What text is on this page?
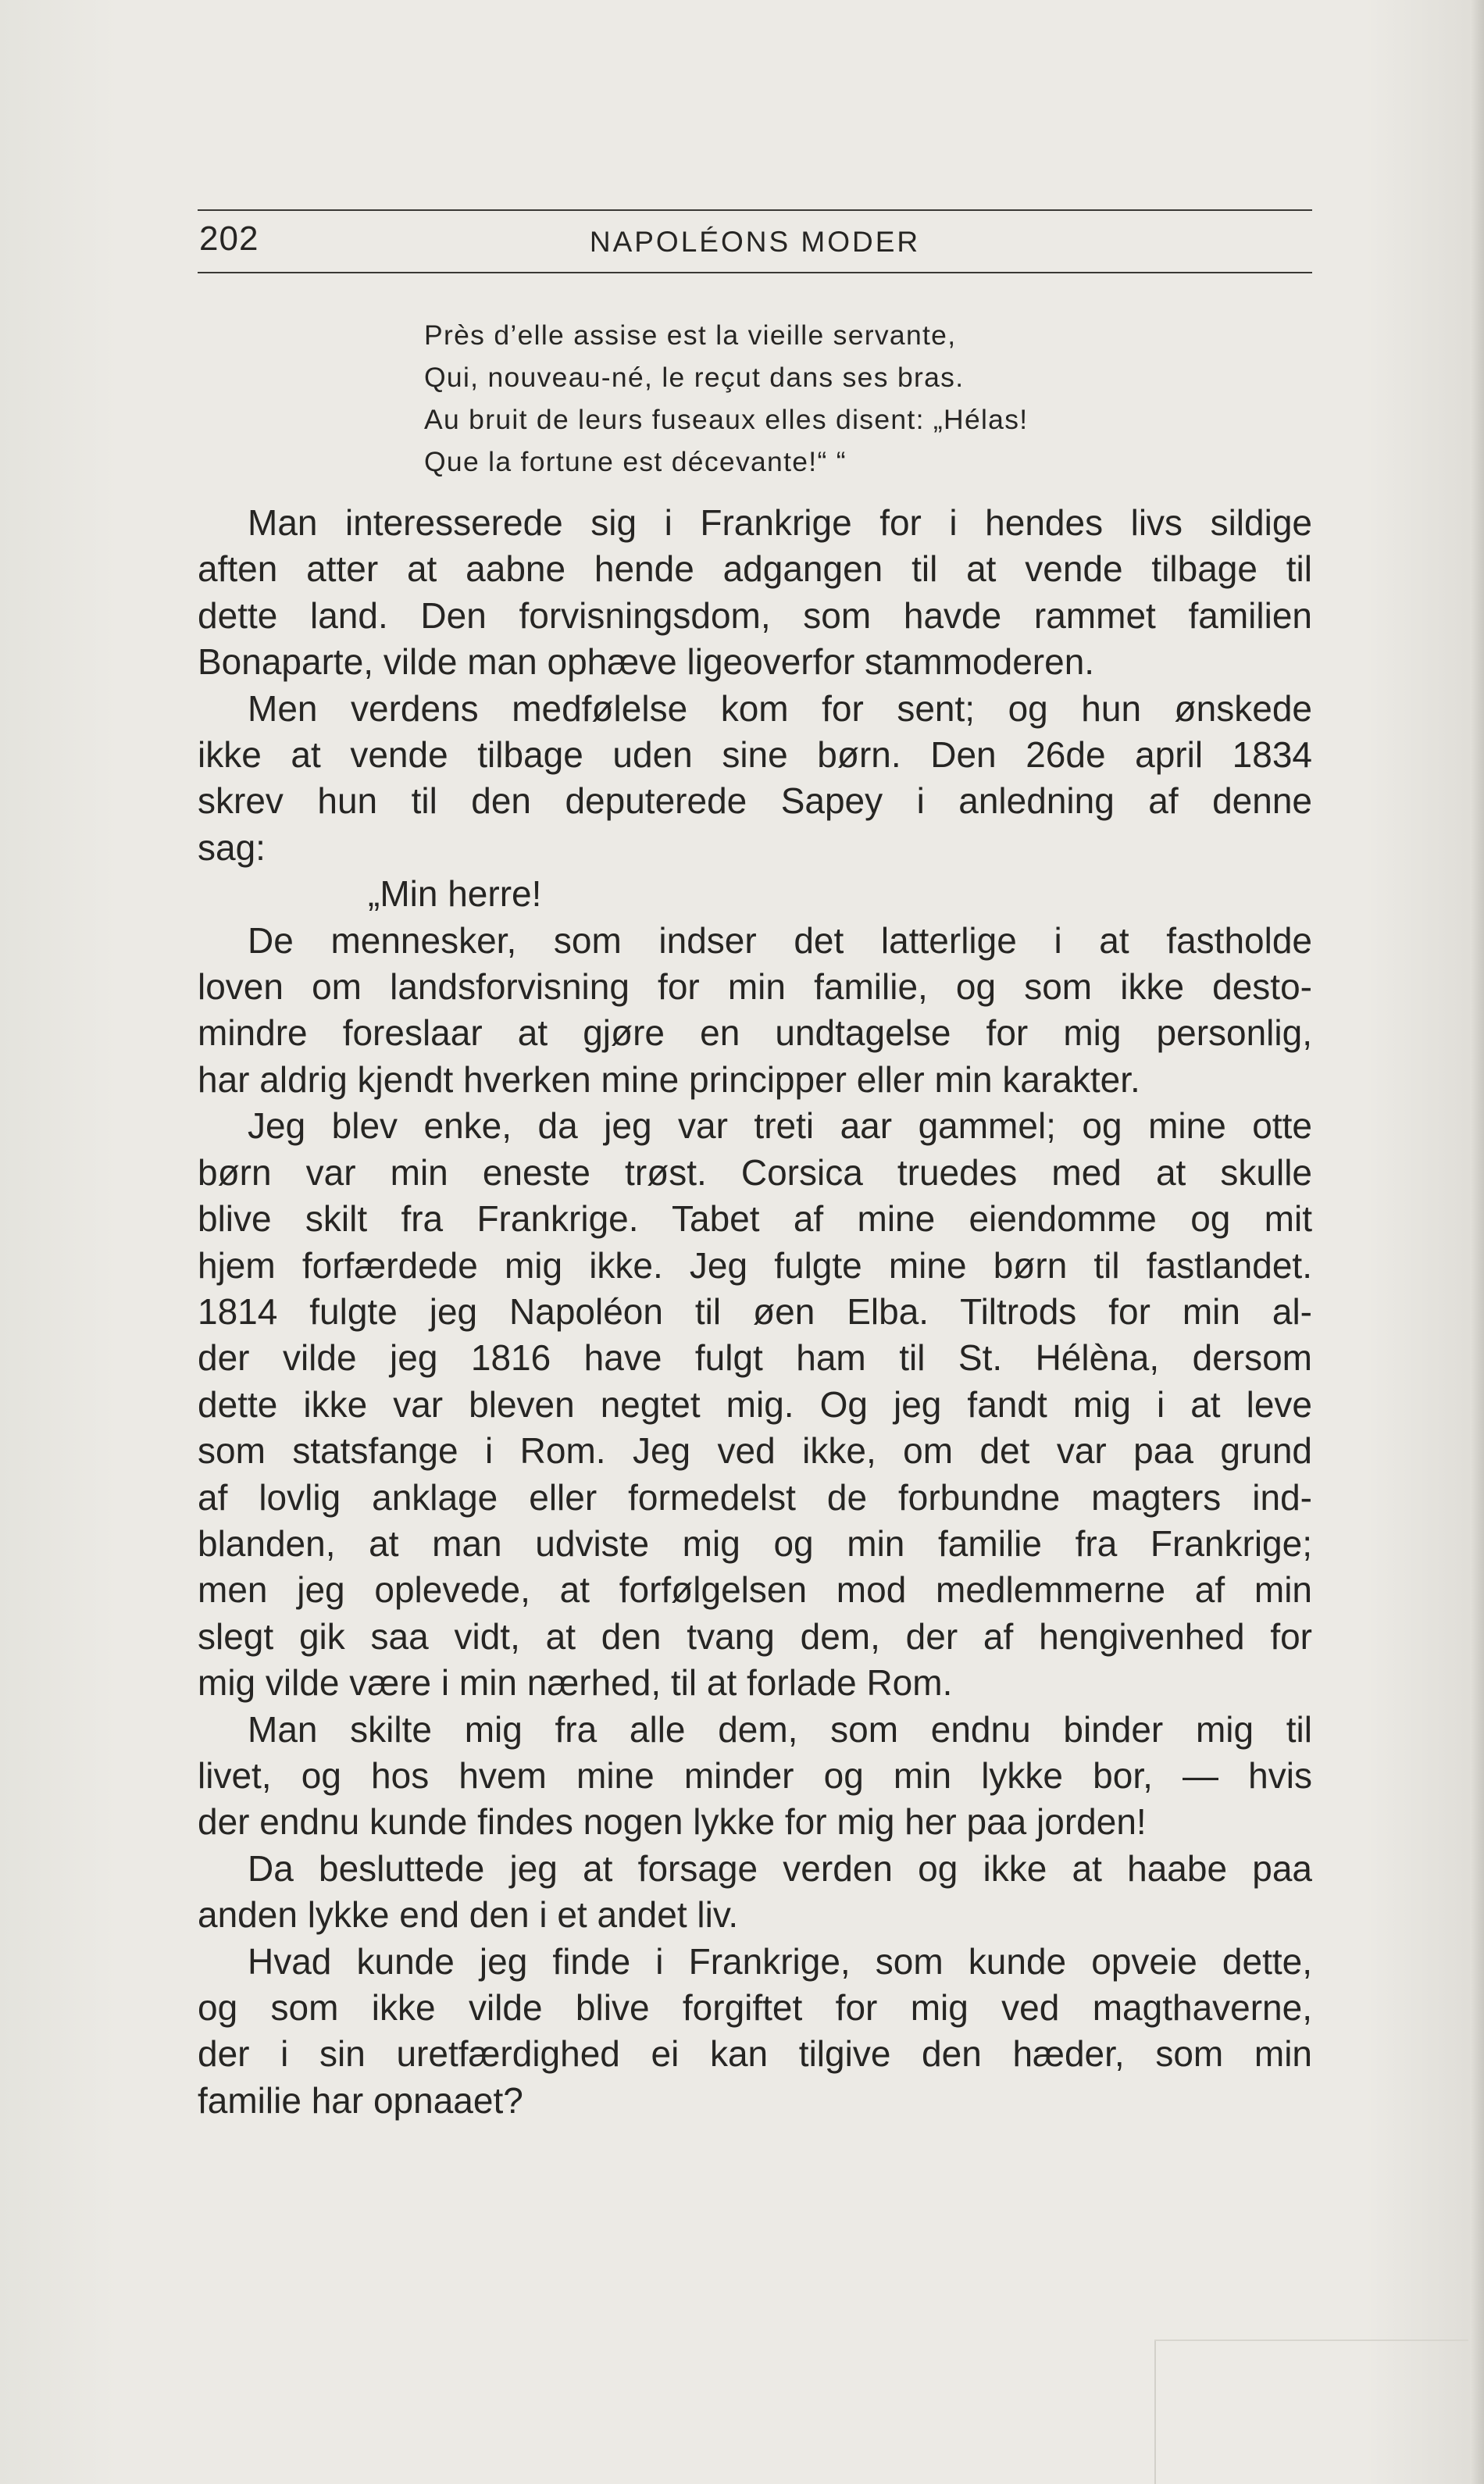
202	NAPOLÉONS MODER
Près d’elle assise est la vieille servante,
Qui, nouveau-né, le reçut dans ses bras.
Au bruit de leurs fuseaux elles disent: „Hélas!
Que la fortune est décevante!“ “
Man interesserede sig i Frankrige for i hendes livs sildige
aften atter at aabne hende adgangen til at vende tilbage til
dette land. Den forvisningsdom, som havde rammet familien
Bonaparte, vilde man ophæve ligeoverfor stammoderen.
Men verdens medfølelse kom for sent; og hun ønskede
ikke at vende tilbage uden sine børn. Den 26de april 1834
skrev hun til den deputerede Sapey i anledning af denne
sag:
„Min herre!
De mennesker, som indser det latterlige i at fastholde
loven om landsforvisning for min familie, og som ikke desto-
mindre foreslaar at gjøre en undtagelse for mig personlig,
har aldrig kjendt hverken mine principper eller min karakter.
Jeg blev enke, da jeg var treti aar gammel; og mine otte
børn var min eneste trøst. Corsica truedes med at skulle
blive skilt fra Frankrige. Tabet af mine eiendomme og mit
hjem forfærdede mig ikke. Jeg fulgte mine børn til fastlandet.
1814 fulgte jeg Napoléon til øen Elba. Tiltrods for min al-
der vilde jeg 1816 have fulgt ham til St. Hélèna, dersom
dette ikke var bleven negtet mig. Og jeg fandt mig i at leve
som statsfange i Rom. Jeg ved ikke, om det var paa grund
af lovlig anklage eller formedelst de forbundne magters ind-
blanden, at man udviste mig og min familie fra Frankrige;
men jeg oplevede, at forfølgelsen mod medlemmerne af min
slegt gik saa vidt, at den tvang dem, der af hengivenhed for
mig vilde være i min nærhed, til at forlade Rom.
Man skilte mig fra alle dem, som endnu binder mig til
livet, og hos hvem mine minder og min lykke bor, — hvis
der endnu kunde findes nogen lykke for mig her paa jorden!
Da besluttede jeg at forsage verden og ikke at haabe paa
anden lykke end den i et andet liv.
Hvad kunde jeg finde i Frankrige, som kunde opveie dette,
og som ikke vilde blive forgiftet for mig ved magthaverne,
der i sin uretfærdighed ei kan tilgive den hæder, som min
familie har opnaaet?
